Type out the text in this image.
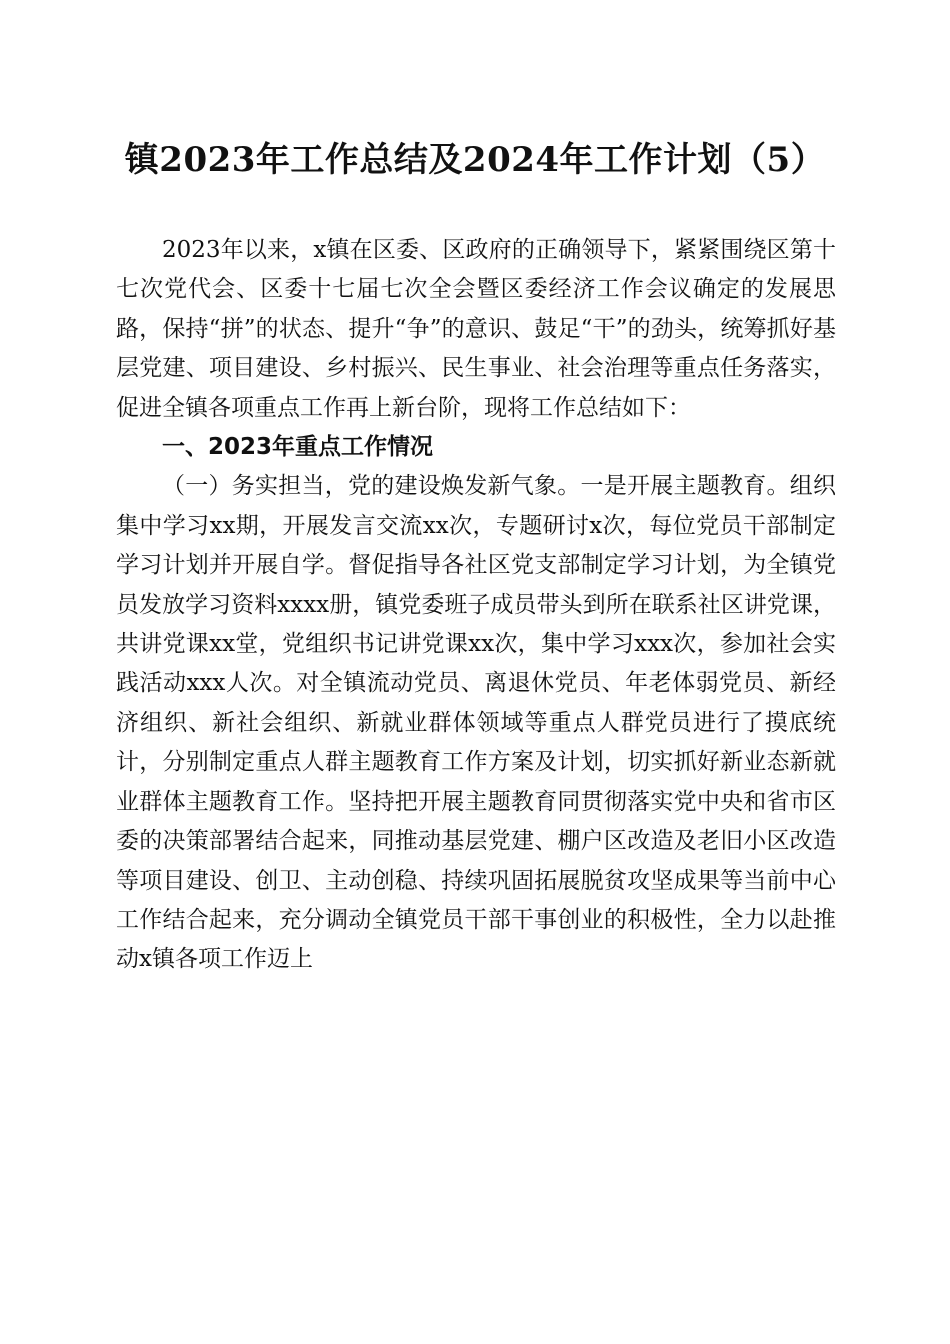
镇2023年工作总结及2024年工作计划（5）

2023年以来，x镇在区委、区政府的正确领导下，紧紧围绕区第十七次党代会、区委十七届七次全会暨区委经济工作会议确定的发展思路，保持“拼”的状态、提升“争”的意识、鼓足“干”的劲头，统筹抓好基层党建、项目建设、乡村振兴、民生事业、社会治理等重点任务落实，促进全镇各项重点工作再上新台阶，现将工作总结如下：

一、2023年重点工作情况

（一）务实担当，党的建设焕发新气象。一是开展主题教育。组织集中学习xx期，开展发言交流xx次，专题研讨x次，每位党员干部制定学习计划并开展自学。督促指导各社区党支部制定学习计划，为全镇党员发放学习资料xxxx册，镇党委班子成员带头到所在联系社区讲党课，共讲党课xx堂，党组织书记讲党课xx次，集中学习xxx次，参加社会实践活动xxx人次。对全镇流动党员、离退休党员、年老体弱党员、新经济组织、新社会组织、新就业群体领域等重点人群党员进行了摸底统计，分别制定重点人群主题教育工作方案及计划，切实抓好新业态新就业群体主题教育工作。坚持把开展主题教育同贯彻落实党中央和省市区委的决策部署结合起来，同推动基层党建、棚户区改造及老旧小区改造等项目建设、创卫、主动创稳、持续巩固拓展脱贫攻坚成果等当前中心工作结合起来，充分调动全镇党员干部干事创业的积极性，全力以赴推动x镇各项工作迈上
